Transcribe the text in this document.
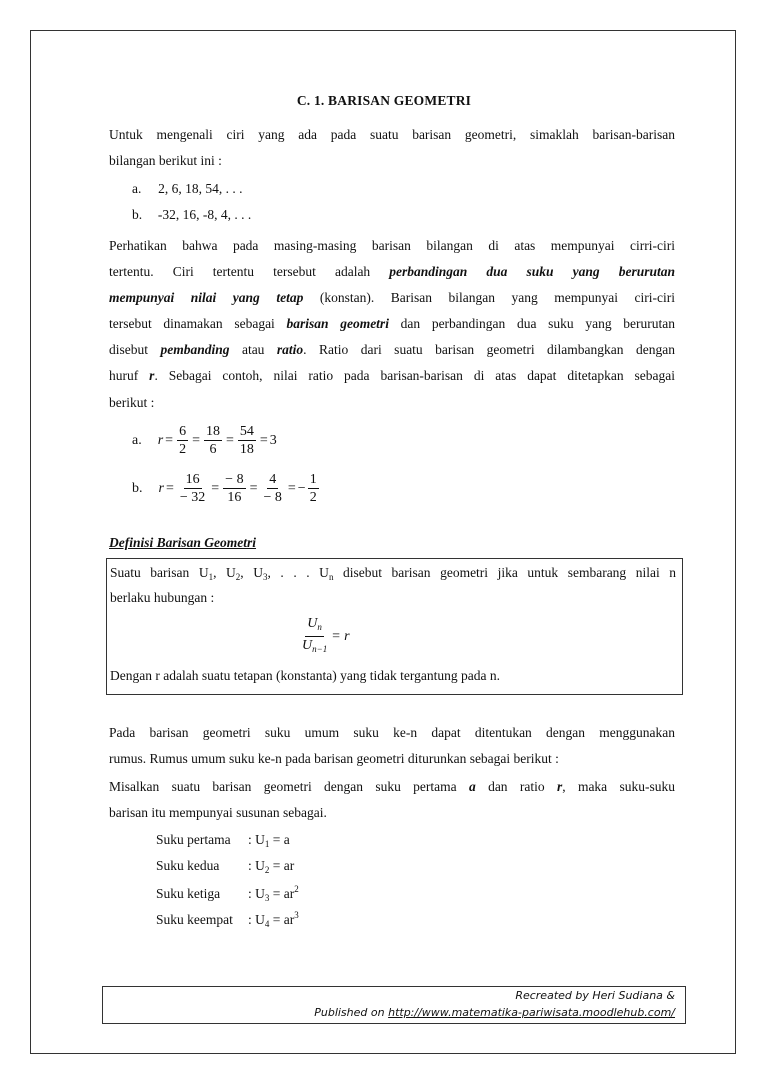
C. 1. BARISAN GEOMETRI
Untuk mengenali ciri yang ada pada suatu barisan geometri, simaklah barisan-barisan
bilangan berikut ini :
a. 2, 6, 18, 54, . . .
b. -32, 16, -8, 4, . . .
Perhatikan bahwa pada masing-masing barisan bilangan di atas mempunyai cirri-ciri
tertentu. Ciri tertentu tersebut adalah perbandingan dua suku yang berurutan
mempunyai nilai yang tetap (konstan). Barisan bilangan yang mempunyai ciri-ciri
tersebut dinamakan sebagai barisan geometri dan perbandingan dua suku yang berurutan
disebut pembanding atau ratio. Ratio dari suatu barisan geometri dilambangkan dengan
huruf r. Sebagai contoh, nilai ratio pada barisan-barisan di atas dapat ditetapkan sebagai
berikut :
a. $r = \frac{6}{2} = \frac{18}{6} = \frac{54}{18} = 3$
b. $r = \frac{16}{- 32} = \frac{- 8}{16} = \frac{4}{- 8}$ = − $\frac{1}{2}$
Definisi Barisan Geometri
Suatu barisan $U_1$, $U_2$, $U_3$, . . . $U_n$ disebut barisan geometri jika untuk sembarang nilai n
berlaku hubungan :
$\frac{U_n}{U_{n-1}} = r$
Dengan r adalah suatu tetapan (konstanta) yang tidak tergantung pada n.
Pada barisan geometri suku umum suku ke-n dapat ditentukan dengan menggunakan
rumus. Rumus umum suku ke-n pada barisan geometri diturunkan sebagai berikut :
Misalkan suatu barisan geometri dengan suku pertama a dan ratio r, maka suku-suku
barisan itu mempunyai susunan sebagai.
Suku pertama : $U_1 = a$
Suku kedua : $U_2$ = ar
Suku ketiga : $U_3 = ar^2$
Suku keempat : $U_4 = ar^3$
Recreated by Heri Sudiana &
Published on http://www.matematika-pariwisata.moodlehub.com/
